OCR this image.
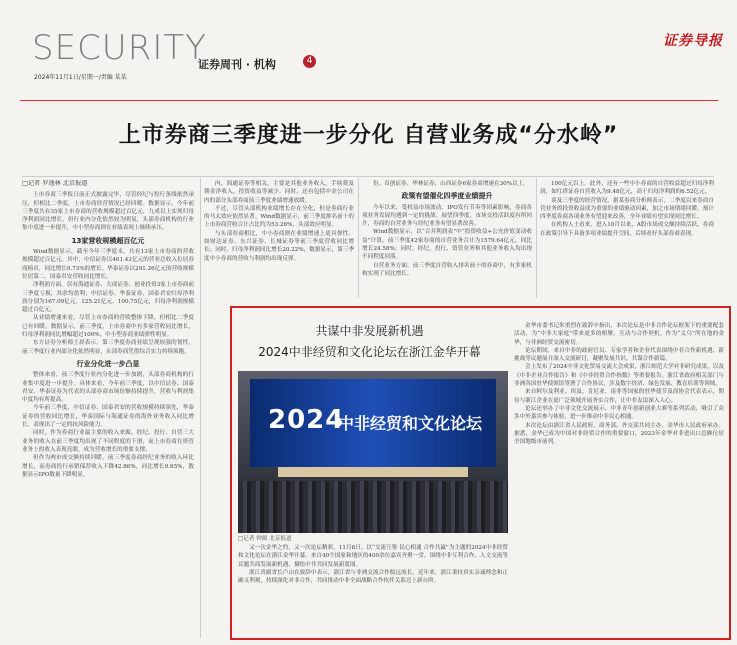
SECURITY
证券周刊 · 机构	4
2024年11月1日/星期一/责编 某某
证券导报
上市券商三季度进一步分化 自营业务成“分水岭”
□记者 罗逸林 北京报道

上市券商三季报日前正式披露完毕，尽管经纪与投行条线依然承压，但相比二季度，上市券商经营情况已经回暖。数据显示，今年前三季度共有35家上市券商的营收规模超过百亿元，九成以上实现归母净利润同比增长，但行业内分化依然较为明显，头部券商机构的行业集中度进一步提升，中小型券商则在业绩表现上继续承压。

13家营收规模超百亿元

Wind数据显示，截至今年三季度末，共有13家上市券商的营收规模超过百亿元。其中，中信证券以461.42亿元的营业总收入位居券商榜首，同比增长0.73%的增长。华泰证券以291.26亿元的营收规模位居第二，国泰君安营收同比增长。

净利润方面，仅有海通证券、大成证券、创业投资3家上市券商前三季度亏损，其余均盈利；中信证券、华泰证券、国泰君安归母净利润分别为167.09亿元、125.21亿元、100.75亿元，归母净利润规模超过百亿元。

从业绩增速来看，尽管上市券商的营收整体下降，但相比二季度已有回暖。数据显示，前三季度，上市券商中有多家营收同比增长，归母净利润同比增幅超过100%，中小型券商业绩弹性明显。

东方证券分析师王晨表示，第三季度券商业绩呈现较强的韧性，前三季度行业内部分化依然明显，头部券商凭借综合实力持续领跑。

行业分化进一步凸显

整体来看，前三季度行业内分化进一步加剧，头部券商机构的行业集中度进一步提升。具体来看，今年前三季度，以中信证券、国泰君安、华泰证券为代表的头部券商市场份额持续提升，营收与利润集中度均有所提高。

今年前三季度，中信证券、国泰君安的营收规模持续领先，华泰证券的营收同比增长，华泰国际与海通证券的海外业务收入同比增长，表现出了一定的抗风险能力。

同时，作为券商行业最主要的收入来源，经纪、投行、自营三大业务的收入在前三季度均出现了不同程度的下滑，而上市券商在资管业务上的收入表现亮眼，成为营收增长的重要支撑。

但作为两市成交额持续回暖，前三季度券商经纪业务的收入环比增长，而券商投行承销保荐收入下降42.86%，同比增长9.65%，数据显示IPO数量下降明显。

内、海通证券等相关。主要是其他业务收入，手续费及佣金净收入，投资收益等减少。同时，还有包括中金公司在内的部分头部券商前三季度业绩增速放缓。

不过，尽管头部机构业绩增长存在分化，但是券商行业的马太效应依然显著。Wind数据显示，前三季度排名前十的上市券商营收合计占比约为53.26%，头部效应明显。

与头部券商相比，中小券商则在业绩增速上更具弹性。如财达证券、东兴证券、长城证券等前三季度营收同比增长；同时，归母净利润同比增长20.22%，数据显示，第三季度中小券商的营收与利润均出现反弹。

份、首创证券、华林证券、山西证券6家券商增速在30%以上。

政策有望催化四季度业绩提升

今年以来，受权益市场波动、IPO发行节奏等因素影响，券商各项业务发展均遇到一定的挑战。展望四季度，市场交投活跃度有所回升，券商的自营业务与经纪业务有望显著改善。

Wind数据显示，以“合并利润表”中“投资收益+公允价值变动收益”计算，前三季度42家券商的自营业务合计为1579.64亿元，同比增长24.58%；同时，经纪、投行、资管业务和其他业务收入均出现不同程度回落。

自营业务方面，前三季度自营收入排名前十的券商中，有多家机构实现了同比增长。

100亿元以上。此外，还有一些中小券商的自营收益超过归母净利润，如红塔证券自营收入为9.48亿元，高于归母净利润的6.52亿元。

谈及三季度的经营情况，据某券商分析师表示，二季度以来券商自营业务的投资收益成为重要的业绩驱动因素，加之市场情绪回暖，预计四季度券商各项业务有望迎来改善，全年业绩有望实现同比增长。

在机构人士看来，进入10月以来，A股市场成交额持续活跃，券商在政策引导下具备多项业绩提升空间，后续看好头部券商表现。

共谋中非发展新机遇
2024中非经贸和文化论坛在浙江金华开幕
2024
中非经贸和文化论坛
□记者 钟源 北京报道

又一次金华之约，又一次论坛精彩。11月8日，以“交流互鉴 民心相通 合作共赢”为主题的2024中非经贸和文化论坛在浙江金华开幕。来自40个国家和地区的400余位嘉宾齐聚一堂，围绕中非互利合作、人文交流等议题共商发展新机遇，描绘中非共同发展新蓝图。

浙江省副省长卢山在致辞中表示，浙江省与非洲交流合作源远流长，近年来，浙江秉持真实亲诚理念和正确义利观，持续深化对非合作，共同推动中非全面战略合作伙伴关系迈上新台阶。

金华市委书记朱重烈在致辞中指出，本次论坛是中非合作论坛框架下的重要配套活动，为“中非大家庭”带来更多的相聚、互动与合作契机。作为“义乌”所在地的金华，与非洲经贸交流密切。

论坛期间，来自中非的政府官员、专家学者和企业代表围绕中非合作新机遇、新挑战等议题展开深入交流研讨，凝聚发展共识，共谋合作新篇。

会上发布了2024中非文化贸易交流大会成果，浙江师范大学对非研究成果，以及《中非企业合作报告》和《中非经贸合作指数》等重要报告。浙江省政府相关部门与非洲各国驻华使领馆签署了合作协议，涉及数字经济、绿色发展、教育培训等领域。

来自阿尔及利亚、埃及、肯尼亚、南非等国家的驻华使节及商协会代表表示，期待与浙江企业在更广泛领域开展务实合作，让中非友谊深入人心。

论坛还举办了中非文化交流展示、中非青年创新创业大赛等系列活动，吸引了众多中外嘉宾参与体验，进一步推动中非民心相通。

本次论坛由浙江省人民政府、商务部、外交部共同主办，金华市人民政府承办。据悉，金华已成为中国对非经贸合作的重要窗口，2023年金华对非进出口总额位居全国地级市前列。
